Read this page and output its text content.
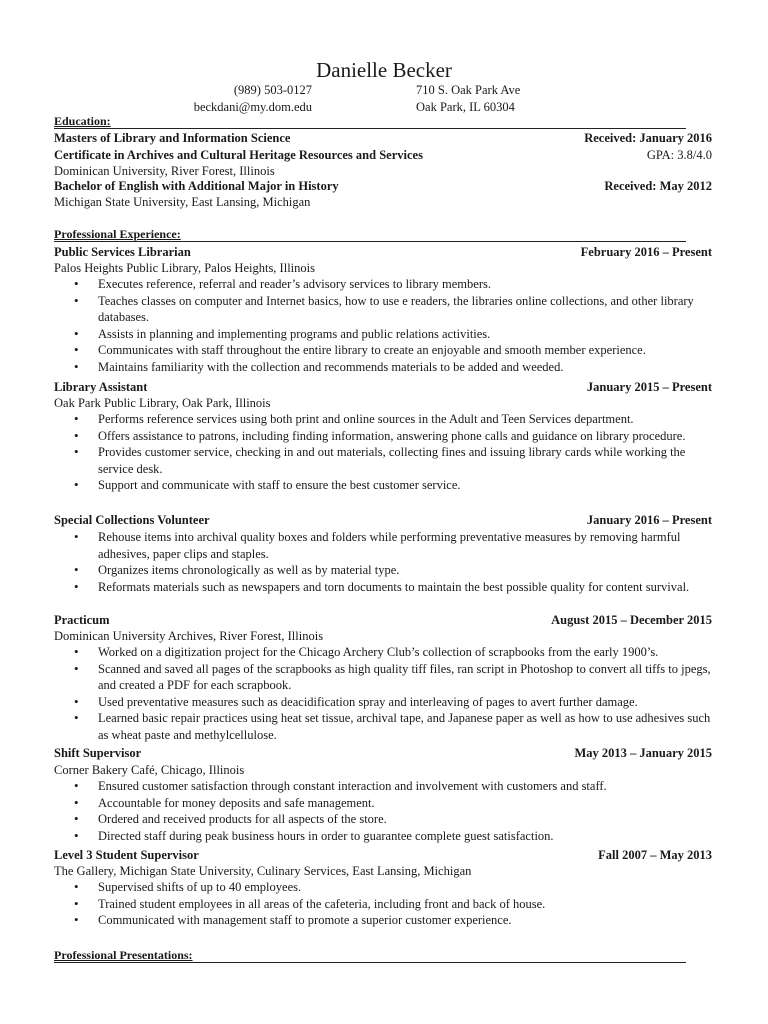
Danielle Becker
(989) 503-0127
beckdani@my.dom.edu
710 S. Oak Park Ave
Oak Park, IL 60304
Education:
Masters of Library and Information Science	Received: January 2016
Certificate in Archives and Cultural Heritage Resources and Services	GPA: 3.8/4.0
Dominican University, River Forest, Illinois
Bachelor of English with Additional Major in History	Received: May 2012
Michigan State University, East Lansing, Michigan
Professional Experience:
Public Services Librarian	February 2016 – Present
Palos Heights Public Library, Palos Heights, Illinois
• Executes reference, referral and reader’s advisory services to library members.
• Teaches classes on computer and Internet basics, how to use e readers, the libraries online collections, and other library databases.
• Assists in planning and implementing programs and public relations activities.
• Communicates with staff throughout the entire library to create an enjoyable and smooth member experience.
• Maintains familiarity with the collection and recommends materials to be added and weeded.
Library Assistant	January 2015 – Present
Oak Park Public Library, Oak Park, Illinois
• Performs reference services using both print and online sources in the Adult and Teen Services department.
• Offers assistance to patrons, including finding information, answering phone calls and guidance on library procedure.
• Provides customer service, checking in and out materials, collecting fines and issuing library cards while working the service desk.
• Support and communicate with staff to ensure the best customer service.
Special Collections Volunteer	January 2016 – Present
• Rehouse items into archival quality boxes and folders while performing preventative measures by removing harmful adhesives, paper clips and staples.
• Organizes items chronologically as well as by material type.
• Reformats materials such as newspapers and torn documents to maintain the best possible quality for content survival.
Practicum	August 2015 – December 2015
Dominican University Archives, River Forest, Illinois
• Worked on a digitization project for the Chicago Archery Club’s collection of scrapbooks from the early 1900’s.
• Scanned and saved all pages of the scrapbooks as high quality tiff files, ran script in Photoshop to convert all tiffs to jpegs, and created a PDF for each scrapbook.
• Used preventative measures such as deacidification spray and interleaving of pages to avert further damage.
• Learned basic repair practices using heat set tissue, archival tape, and Japanese paper as well as how to use adhesives such as wheat paste and methylcellulose.
Shift Supervisor	May 2013 – January 2015
Corner Bakery Café, Chicago, Illinois
• Ensured customer satisfaction through constant interaction and involvement with customers and staff.
• Accountable for money deposits and safe management.
• Ordered and received products for all aspects of the store.
• Directed staff during peak business hours in order to guarantee complete guest satisfaction.
Level 3 Student Supervisor	Fall 2007 – May 2013
The Gallery, Michigan State University, Culinary Services, East Lansing, Michigan
• Supervised shifts of up to 40 employees.
• Trained student employees in all areas of the cafeteria, including front and back of house.
• Communicated with management staff to promote a superior customer experience.
Professional Presentations:
